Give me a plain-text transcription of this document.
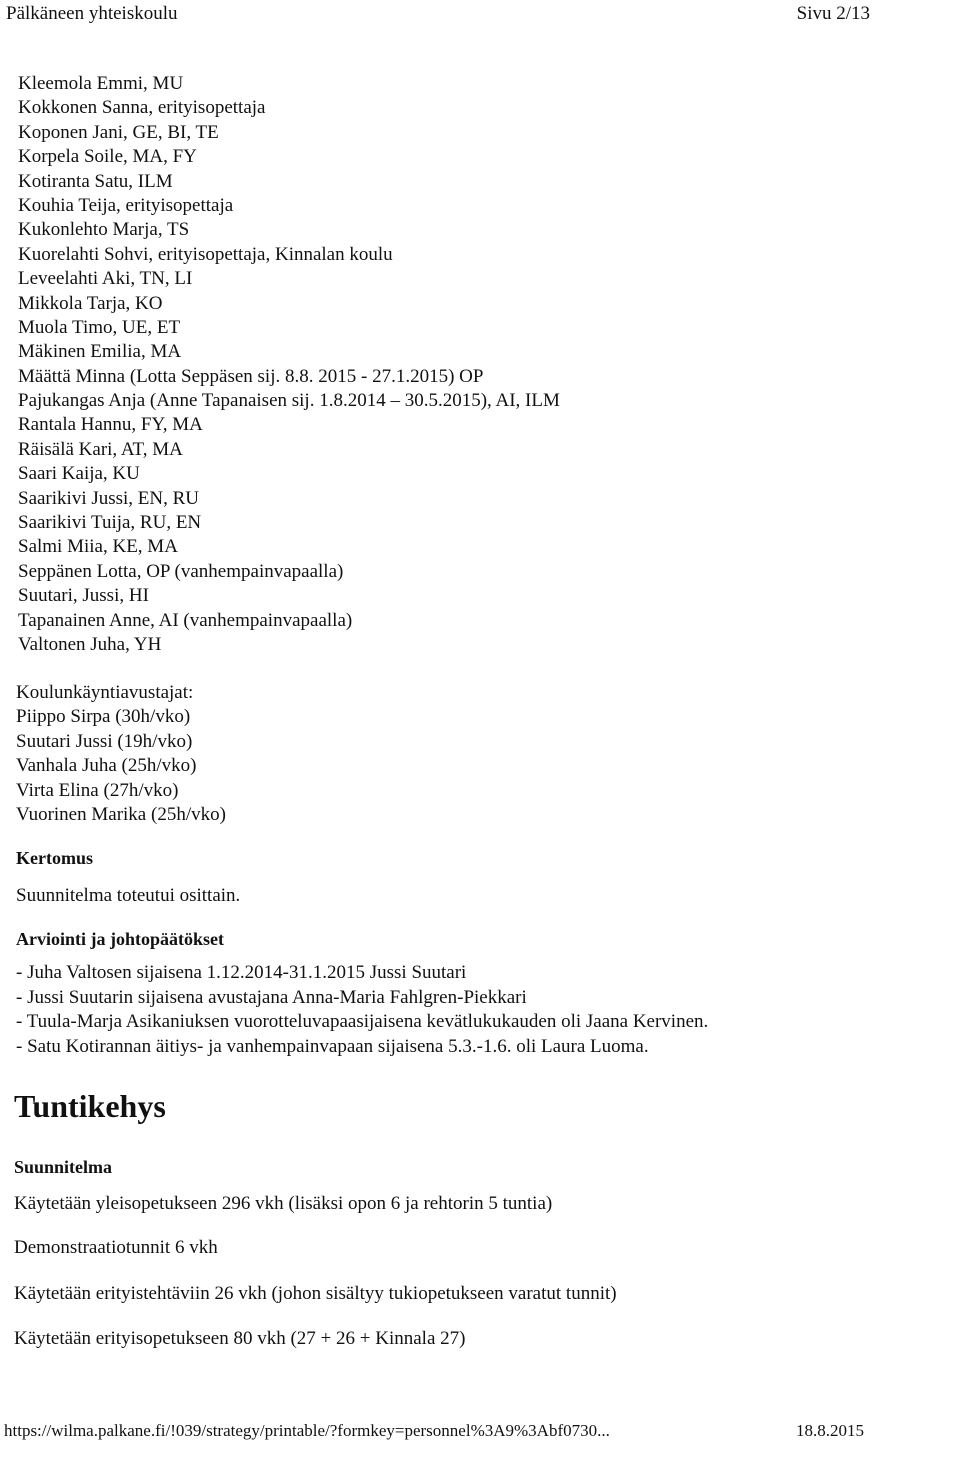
Pälkäneen yhteiskoulu	Sivu 2/13
Kleemola Emmi, MU
Kokkonen Sanna, erityisopettaja
Koponen Jani, GE, BI, TE
Korpela Soile, MA, FY
Kotiranta Satu, ILM
Kouhia Teija, erityisopettaja
Kukonlehto Marja, TS
Kuorelahti Sohvi, erityisopettaja, Kinnalan koulu
Leveelahti Aki, TN, LI
Mikkola Tarja, KO
Muola Timo, UE, ET
Mäkinen Emilia, MA
Määttä Minna (Lotta Seppäsen sij. 8.8. 2015 - 27.1.2015) OP
Pajukangas Anja (Anne Tapanaisen sij. 1.8.2014 – 30.5.2015), AI, ILM
Rantala Hannu, FY, MA
Räisälä Kari, AT, MA
Saari Kaija, KU
Saarikivi Jussi, EN, RU
Saarikivi Tuija, RU, EN
Salmi Miia, KE, MA
Seppänen Lotta, OP (vanhempainvapaalla)
Suutari, Jussi, HI
Tapanainen Anne, AI (vanhempainvapaalla)
Valtonen Juha, YH
Koulunkäyntiavustajat:
Piippo Sirpa (30h/vko)
Suutari Jussi (19h/vko)
Vanhala Juha (25h/vko)
Virta Elina (27h/vko)
Vuorinen Marika (25h/vko)
Kertomus
Suunnitelma toteutui osittain.
Arviointi ja johtopäätökset
- Juha Valtosen sijaisena 1.12.2014-31.1.2015 Jussi Suutari
- Jussi Suutarin sijaisena avustajana Anna-Maria Fahlgren-Piekkari
- Tuula-Marja Asikaniuksen vuorotteluvapaasijaisena kevätlukukauden oli Jaana Kervinen.
- Satu Kotirannan äitiys- ja vanhempainvapaan sijaisena 5.3.-1.6. oli Laura Luoma.
Tuntikehys
Suunnitelma
Käytetään yleisopetukseen 296 vkh (lisäksi opon 6 ja rehtorin 5 tuntia)
Demonstraatiotunnit 6 vkh
Käytetään erityistehtäviin 26 vkh (johon sisältyy tukiopetukseen varatut tunnit)
Käytetään erityisopetukseen 80 vkh (27 + 26 + Kinnala 27)
https://wilma.palkane.fi/!039/strategy/printable/?formkey=personnel%3A9%3Abf0730...	18.8.2015
